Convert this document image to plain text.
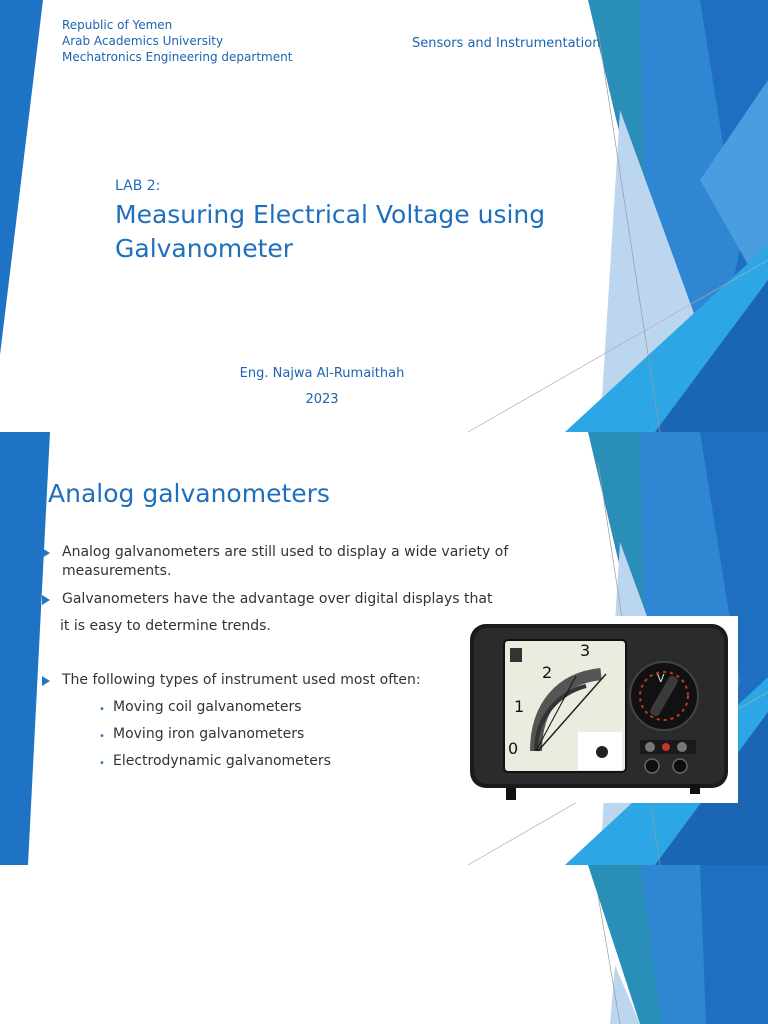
Republic of Yemen
Arab Academics University
Mechatronics Engineering department
Sensors and Instrumentation
LAB 2:
Measuring Electrical Voltage using
Galvanometer
Eng. Najwa Al-Rumaithah
2023
Analog galvanometers
Analog galvanometers are still used to display a wide variety of
measurements.
Galvanometers have the advantage over digital displays that
it is easy to determine trends.
The following types of instrument used most often:
• Moving coil galvanometers
• Moving iron galvanometers
• Electrodynamic galvanometers
0
1
2
3
V
